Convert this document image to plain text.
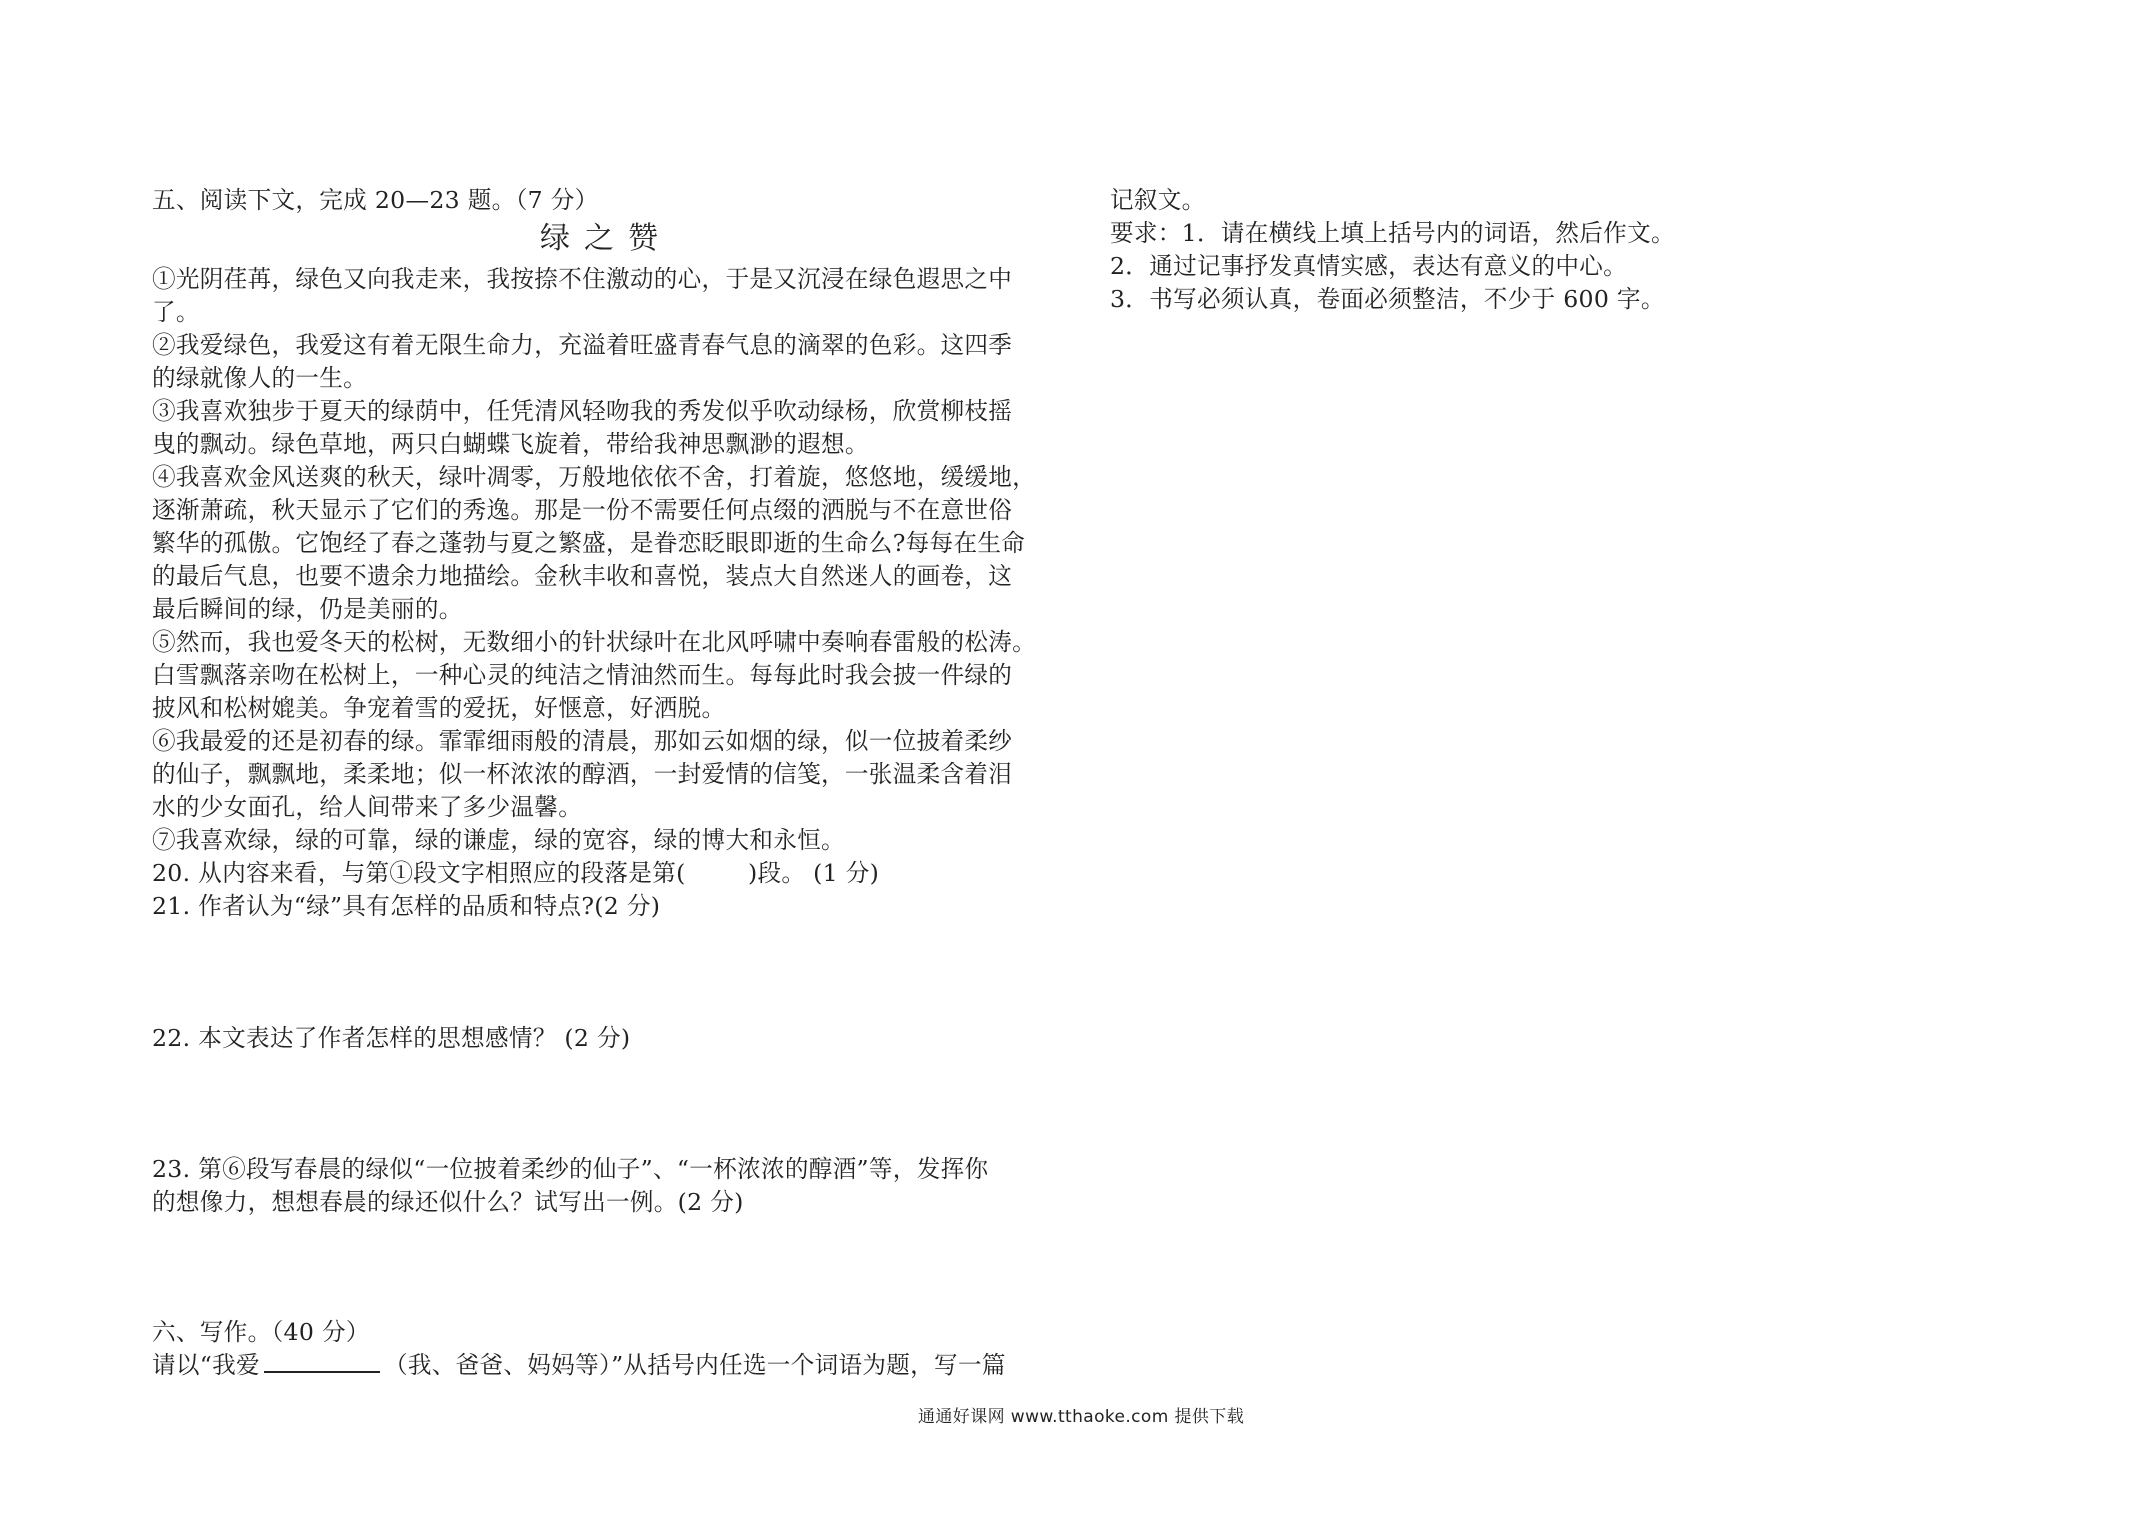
五、阅读下文，完成 20—23 题。（7 分）
绿之赞
①光阴荏苒，绿色又向我走来，我按捺不住激动的心，于是又沉浸在绿色遐思之中
了。
②我爱绿色，我爱这有着无限生命力，充溢着旺盛青春气息的滴翠的色彩。这四季
的绿就像人的一生。
③我喜欢独步于夏天的绿荫中，任凭清风轻吻我的秀发似乎吹动绿杨，欣赏柳枝摇
曳的飘动。绿色草地，两只白蝴蝶飞旋着，带给我神思飘渺的遐想。
④我喜欢金风送爽的秋天，绿叶凋零，万般地依依不舍，打着旋，悠悠地，缓缓地，
逐渐萧疏，秋天显示了它们的秀逸。那是一份不需要任何点缀的洒脱与不在意世俗
繁华的孤傲。它饱经了春之蓬勃与夏之繁盛，是眷恋眨眼即逝的生命么?每每在生命
的最后气息，也要不遗余力地描绘。金秋丰收和喜悦，装点大自然迷人的画卷，这
最后瞬间的绿，仍是美丽的。
⑤然而，我也爱冬天的松树，无数细小的针状绿叶在北风呼啸中奏响春雷般的松涛。
白雪飘落亲吻在松树上，一种心灵的纯洁之情油然而生。每每此时我会披一件绿的
披风和松树媲美。争宠着雪的爱抚，好惬意，好洒脱。
⑥我最爱的还是初春的绿。霏霏细雨般的清晨，那如云如烟的绿，似一位披着柔纱
的仙子，飘飘地，柔柔地；似一杯浓浓的醇酒，一封爱情的信笺，一张温柔含着泪
水的少女面孔，给人间带来了多少温馨。
⑦我喜欢绿，绿的可靠，绿的谦虚，绿的宽容，绿的博大和永恒。
20. 从内容来看，与第①段文字相照应的段落是第(        )段。 (1 分)
21. 作者认为“绿”具有怎样的品质和特点?(2 分)
22. 本文表达了作者怎样的思想感情？ (2 分)
23. 第⑥段写春晨的绿似“一位披着柔纱的仙子”、“一杯浓浓的醇酒”等，发挥你
的想像力，想想春晨的绿还似什么？试写出一例。(2 分)
六、写作。（40 分）
请以“我爱	（我、爸爸、妈妈等）”从括号内任选一个词语为题，写一篇
记叙文。
要求：1．请在横线上填上括号内的词语，然后作文。
2．通过记事抒发真情实感，表达有意义的中心。
3．书写必须认真，卷面必须整洁，不少于 600 字。
通通好课网 www.tthaoke.com 提供下载
